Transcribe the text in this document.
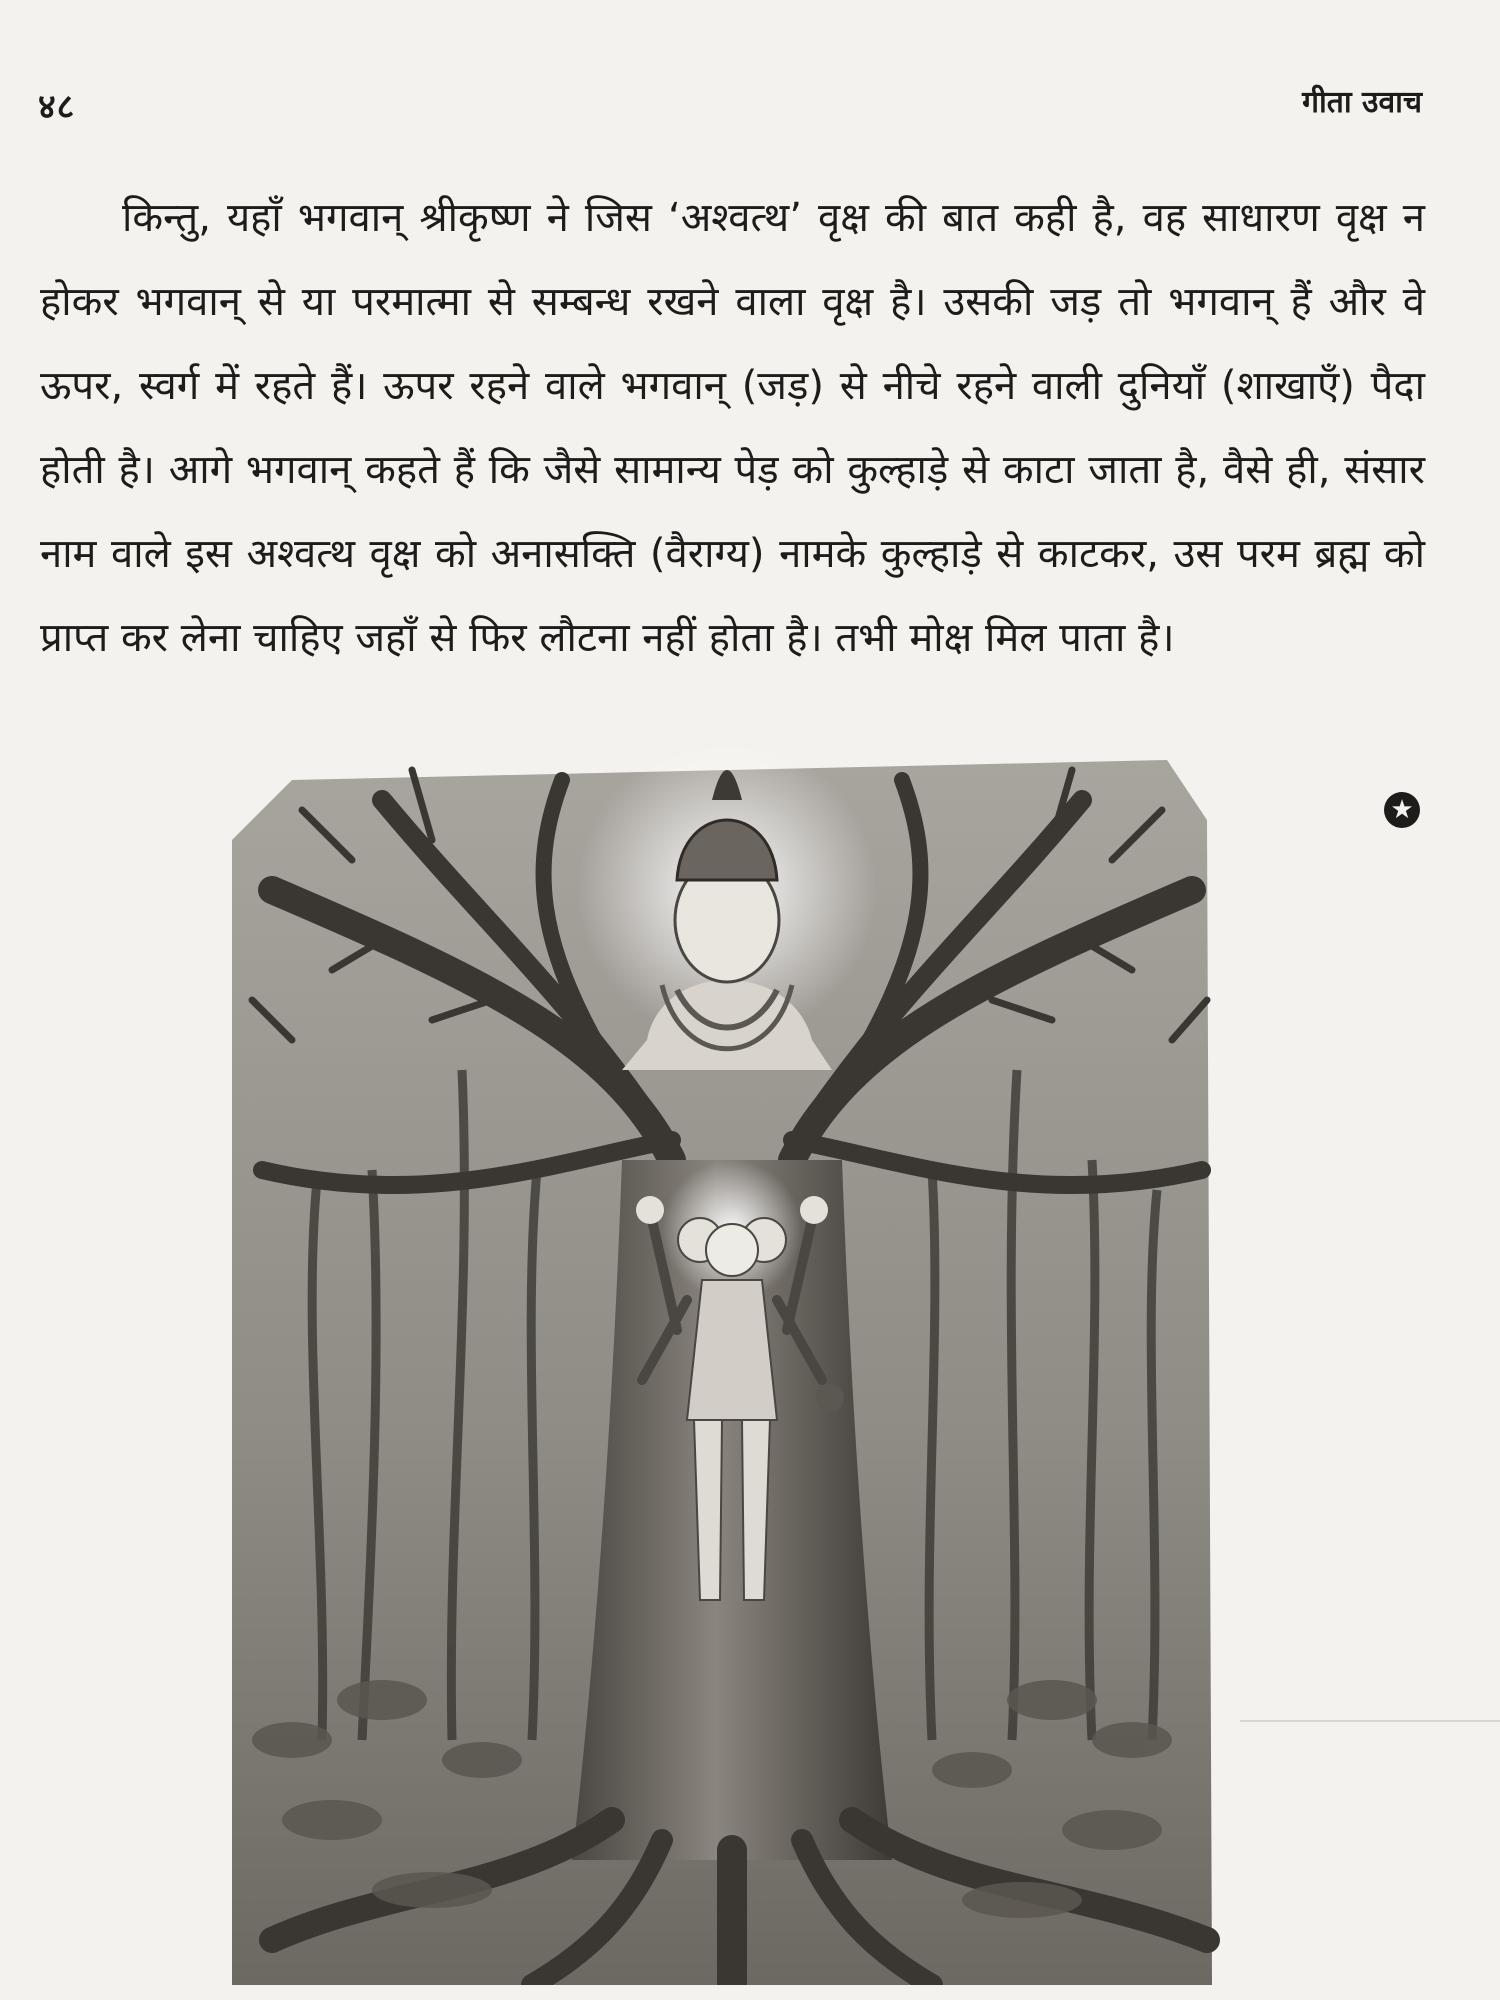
४८	गीता उवाच

किन्तु, यहाँ भगवान् श्रीकृष्ण ने जिस ‘अश्वत्थ’ वृक्ष की बात कही है, वह साधारण वृक्ष न होकर भगवान् से या परमात्मा से सम्बन्ध रखने वाला वृक्ष है। उसकी जड़ तो भगवान् हैं और वे ऊपर, स्वर्ग में रहते हैं। ऊपर रहने वाले भगवान् (जड़) से नीचे रहने वाली दुनियाँ (शाखाएँ) पैदा होती है। आगे भगवान् कहते हैं कि जैसे सामान्य पेड़ को कुल्हाड़े से काटा जाता है, वैसे ही, संसार नाम वाले इस अश्वत्थ वृक्ष को अनासक्ति (वैराग्य) नामके कुल्हाड़े से काटकर, उस परम ब्रह्म को प्राप्त कर लेना चाहिए जहाँ से फिर लौटना नहीं होता है। तभी मोक्ष मिल पाता है।

★
